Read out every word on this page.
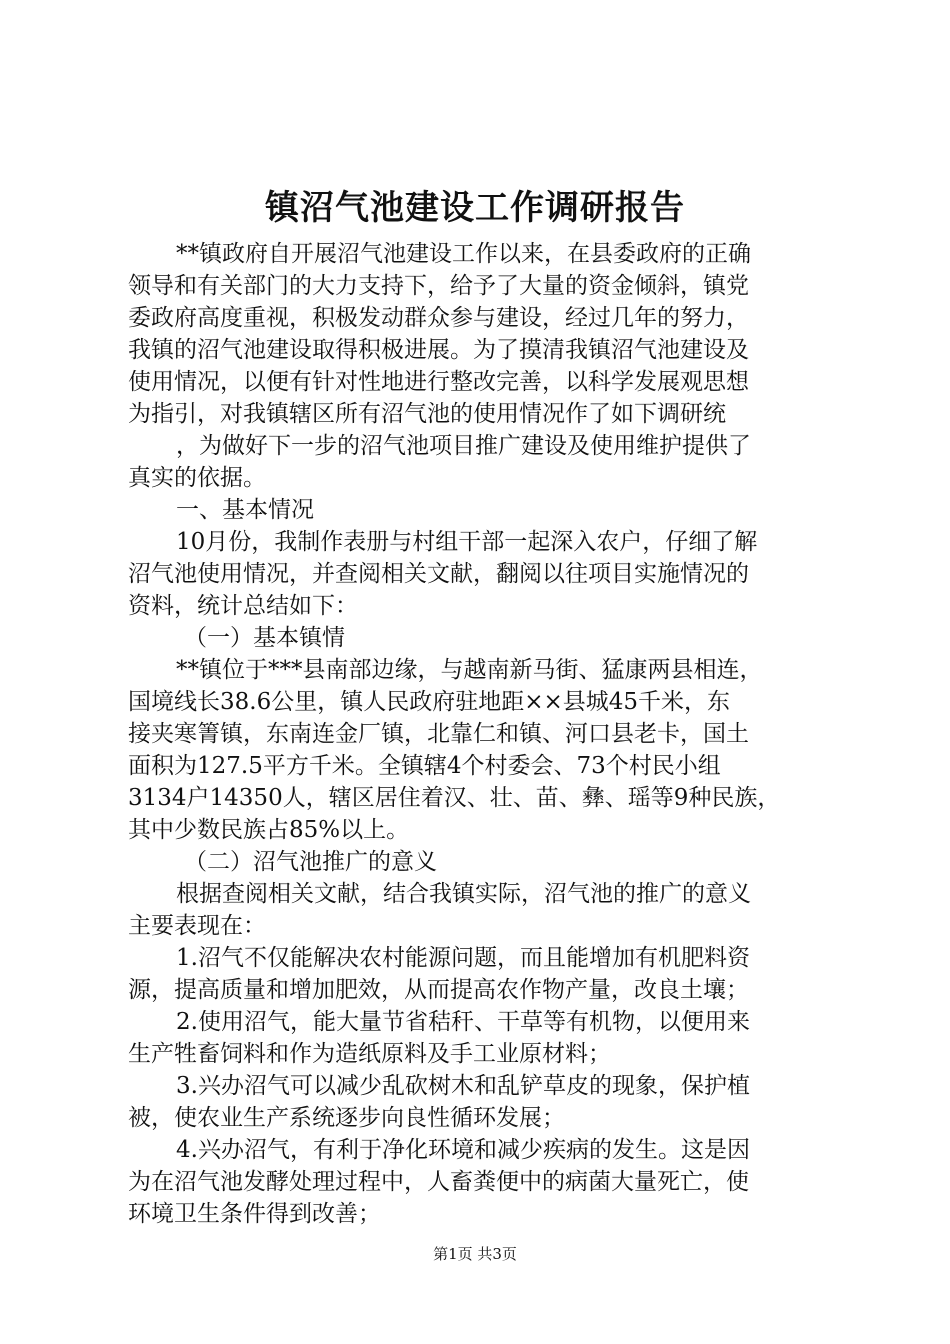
镇沼气池建设工作调研报告
**镇政府自开展沼气池建设工作以来，在县委政府的正确
领导和有关部门的大力支持下，给予了大量的资金倾斜，镇党
委政府高度重视，积极发动群众参与建设，经过几年的努力，
我镇的沼气池建设取得积极进展。为了摸清我镇沼气池建设及
使用情况，以便有针对性地进行整改完善，以科学发展观思想
为指引，对我镇辖区所有沼气池的使用情况作了如下调研统
，为做好下一步的沼气池项目推广建设及使用维护提供了
真实的依据。
一、基本情况
10月份，我制作表册与村组干部一起深入农户，仔细了解
沼气池使用情况，并查阅相关文献，翻阅以往项目实施情况的
资料，统计总结如下：
（一）基本镇情
**镇位于***县南部边缘，与越南新马街、猛康两县相连，
国境线长38.6公里，镇人民政府驻地距××县城45千米，东
接夹寒箐镇，东南连金厂镇，北靠仁和镇、河口县老卡，国土
面积为127.5平方千米。全镇辖4个村委会、73个村民小组
3134户14350人，辖区居住着汉、壮、苗、彝、瑶等9种民族，
其中少数民族占85%以上。
（二）沼气池推广的意义
根据查阅相关文献，结合我镇实际，沼气池的推广的意义
主要表现在：
1.沼气不仅能解决农村能源问题，而且能增加有机肥料资
源，提高质量和增加肥效，从而提高农作物产量，改良土壤；
2.使用沼气，能大量节省秸秆、干草等有机物，以便用来
生产牲畜饲料和作为造纸原料及手工业原材料；
3.兴办沼气可以减少乱砍树木和乱铲草皮的现象，保护植
被，使农业生产系统逐步向良性循环发展；
4.兴办沼气，有利于净化环境和减少疾病的发生。这是因
为在沼气池发酵处理过程中，人畜粪便中的病菌大量死亡，使
环境卫生条件得到改善；
第1页 共3页
